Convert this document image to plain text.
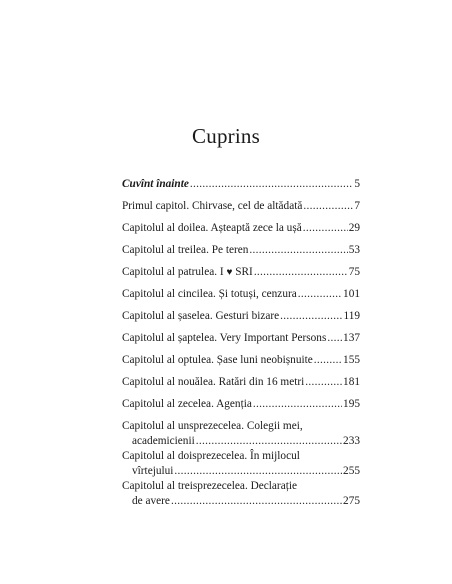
Cuprins
Cuvînt înainte .....	5
Primul capitol. Chirvase, cel de altădată .....	7
Capitolul al doilea. Așteaptă zece la ușă .....	29
Capitolul al treilea. Pe teren .....	53
Capitolul al patrulea. I ♥ SRI .....	75
Capitolul al cincilea. Și totuși, cenzura .....	101
Capitolul al șaselea. Gesturi bizare .....	119
Capitolul al șaptelea. Very Important Persons ..... 137
Capitolul al optulea. Șase luni neobișnuite .....	155
Capitolul al nouălea. Ratări din 16 metri .....	181
Capitolul al zecelea. Agenția .....	195
Capitolul al unsprezecelea. Colegii mei,
academicienii .....	233
Capitolul al doisprezecelea. În mijlocul
vîrtejului .....	255
Capitolul al treisprezecelea. Declarație
de avere .....	275
